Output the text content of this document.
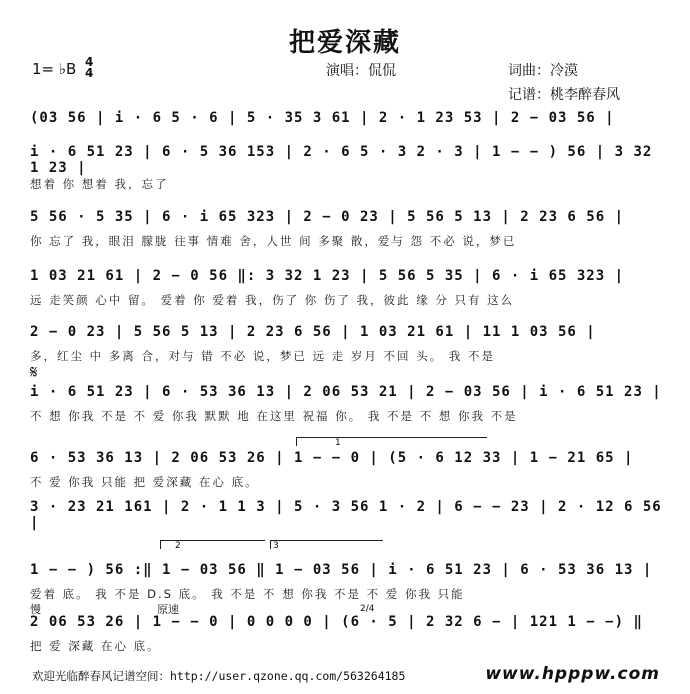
把爱深藏
1= ♭B 4
4	演唱：侃侃	词曲：冷漠
记谱：桃李醉春风
(03 56 | i · 6 5 · 6 | 5 · 35 3 61 | 2 · 1 23 53 | 2 − 03 56 |
i · 6 51 23 | 6 · 5 36 153 | 2 · 6 5 · 3 2 · 3 | 1 − − ) 56 | 3 32 1 23 |
想着 你 想着 我，忘了
5 56 · 5 35 | 6 · i 65 323 | 2 − 0 23 | 5 56 5 13 | 2 23 6 56 |
你 忘了 我，眼泪 朦胧 往事 情难 舍，人世 间 多聚 散，爱与 怨 不必 说，梦已
1 03 21 61 | 2 − 0 56 ‖: 3 32 1 23 | 5 56 5 35 | 6 · i 65 323 |
远 走笑颜 心中 留。 爱着 你 爱着 我，伤了 你 伤了 我，彼此 缘 分 只有 这么
2 − 0 23 | 5 56 5 13 | 2 23 6 56 | 1 03 21 61 | 11 1 03 56 |
多，红尘 中 多离 合，对与 错 不必 说，梦已 远 走 岁月 不回 头。 我 不是
i · 6 51 23 | 6 · 53 36 13 | 2 06 53 21 | 2 − 03 56 | i · 6 51 23 |
不 想 你我 不是 不 爱 你我 默默 地 在这里 祝福 你。 我 不是 不 想 你我 不是
6 · 53 36 13 | 2 06 53 26 | 1 − − 0 | (5 · 6 12 33 | 1 − 21 65 |
不 爱 你我 只能 把 爱深藏 在心 底。
3 · 23 21 161 | 2 · 1 1 3 | 5 · 3 56 1 · 2 | 6 − − 23 | 2 · 12 6 56 |
1 − − ) 56 :‖ 1 − 03 56 ‖ 1 − 03 56 | i · 6 51 23 | 6 · 53 36 13 |
爱着 底。 我 不是 D.S 底。 我 不是 不 想 你我 不是 不 爱 你我 只能
2 06 53 26 | 1 − − 0 | 0 0 0 0 | (6 · 5 | 2 32 6 − | 121 1 − −) ‖
把 爱 深藏 在心 底。
𝄋
慢	原速	2/4
1
2	3
欢迎光临醉春风记谱空间：http://user.qzone.qq.com/563264185	www.hpppw.com
